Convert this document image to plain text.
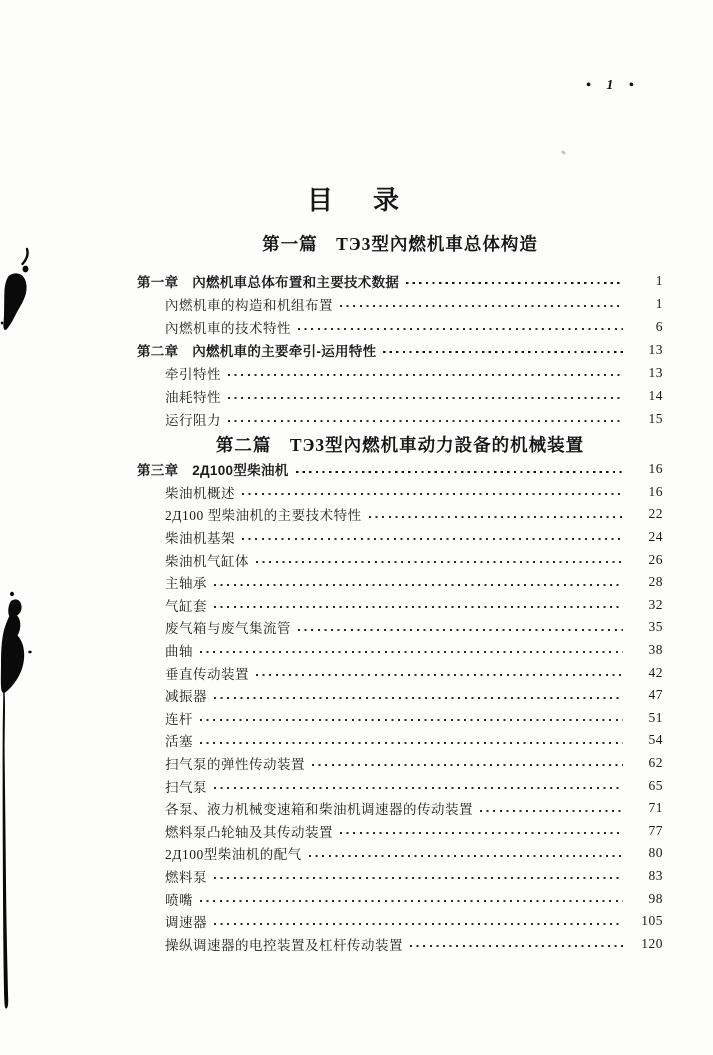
• 1 •
目　录
第一篇　ТЭ3型內燃机車总体构造
第一章　內燃机車总体布置和主要技术数据	1
內燃机車的构造和机组布置	1
內燃机車的技术特性	6
第二章　內燃机車的主要牵引-运用特性	13
牵引特性	13
油耗特性	14
运行阻力	15
第二篇　ТЭ3型內燃机車动力設备的机械装置
第三章　2Д100型柴油机	16
柴油机概述	16
2Д100 型柴油机的主要技术特性	22
柴油机基架	24
柴油机气缸体	26
主轴承	28
气缸套	32
废气箱与废气集流管	35
曲轴	38
垂直传动装置	42
减振器	47
连杆	51
活塞	54
扫气泵的弹性传动装置	62
扫气泵	65
各泵、液力机械变速箱和柴油机调速器的传动装置	71
燃料泵凸轮轴及其传动装置	77
2Д100型柴油机的配气	80
燃料泵	83
喷嘴	98
调速器	105
操纵调速器的电控装置及杠杆传动装置	120
